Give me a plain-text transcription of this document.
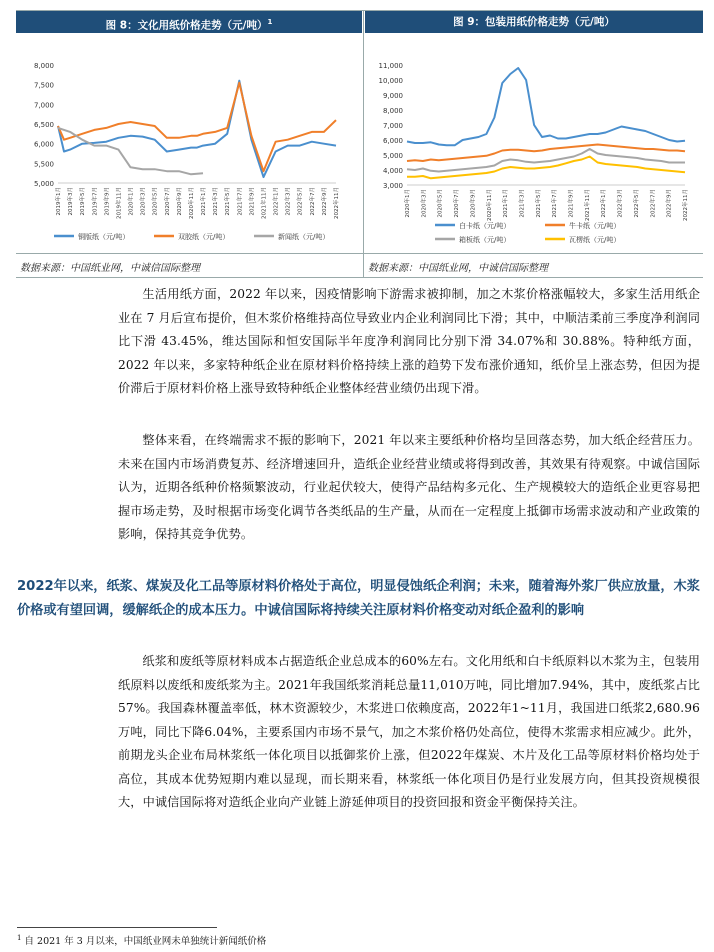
图 8：文化用纸价格走势（元/吨）$^1$	图 9：包装用纸价格走势（元/吨）
5,000
5,500
6,000
6,500
7,000
7,500
8,000
2019年1月	2019年3月	2019年5月	2019年7月	2019年9月	2019年11月	2020年1月	2020年3月	2020年5月	2020年7月	2020年9月	2020年11月	2021年1月	2021年3月	2021年5月	2021年7月	2021年9月	2021年11月	2022年1月	2022年3月	2022年5月	2022年7月	2022年9月	2022年11月
铜版纸（元/吨）	双胶纸（元/吨）	新闻纸（元/吨）
3,000
4,000
5,000
6,000
7,000
8,000
9,000
10,000
11,000
2020年1月	2020年3月	2020年5月	2020年7月	2020年9月	2020年11月	2021年1月	2021年3月	2021年5月	2021年7月	2021年9月	2021年11月	2022年1月	2022年3月	2022年5月	2022年7月	2022年9月	2022年11月
白卡纸（元/吨）	牛卡纸（元/吨）
箱板纸（元/吨）	瓦楞纸（元/吨）
数据来源：中国纸业网，中诚信国际整理	数据来源：中国纸业网，中诚信国际整理

生活用纸方面，2022 年以来，因疫情影响下游需求被抑制，加之木浆价格涨幅较大，多家生活用纸企业在 7 月后宣布提价，但木浆价格维持高位导致业内企业利润同比下滑；其中，中顺洁柔前三季度净利润同比下滑 43.45%，维达国际和恒安国际半年度净利润同比分别下滑 34.07%和 30.88%。特种纸方面，2022 年以来，多家特种纸企业在原材料价格持续上涨的趋势下发布涨价通知，纸价呈上涨态势，但因为提价滞后于原材料价格上涨导致特种纸企业整体经营业绩仍出现下滑。

整体来看，在终端需求不振的影响下，2021 年以来主要纸种价格均呈回落态势，加大纸企经营压力。未来在国内市场消费复苏、经济增速回升，造纸企业经营业绩或将得到改善，其效果有待观察。中诚信国际认为，近期各纸种价格频繁波动，行业起伏较大，使得产品结构多元化、生产规模较大的造纸企业更容易把握市场走势，及时根据市场变化调节各类纸品的生产量，从而在一定程度上抵御市场需求波动和产业政策的影响，保持其竞争优势。

2022年以来，纸浆、煤炭及化工品等原材料价格处于高位，明显侵蚀纸企利润；未来，随着海外浆厂供应放量，木浆价格或有望回调，缓解纸企的成本压力。中诚信国际将持续关注原材料价格变动对纸企盈利的影响

纸浆和废纸等原材料成本占据造纸企业总成本的60%左右。文化用纸和白卡纸原料以木浆为主，包装用纸原料以废纸和废纸浆为主。2021年我国纸浆消耗总量11,010万吨，同比增加7.94%，其中，废纸浆占比57%。我国森林覆盖率低，林木资源较少，木浆进口依赖度高，2022年1~11月，我国进口纸浆2,680.96万吨，同比下降6.04%，主要系国内市场不景气，加之木浆价格仍处高位，使得木浆需求相应减少。此外，前期龙头企业布局林浆纸一体化项目以抵御浆价上涨，但2022年煤炭、木片及化工品等原材料价格均处于高位，其成本优势短期内难以显现，而长期来看，林浆纸一体化项目仍是行业发展方向，但其投资规模很大，中诚信国际将对造纸企业向产业链上游延伸项目的投资回报和资金平衡保持关注。

$^1$ 自 2021 年 3 月以来，中国纸业网未单独统计新闻纸价格
